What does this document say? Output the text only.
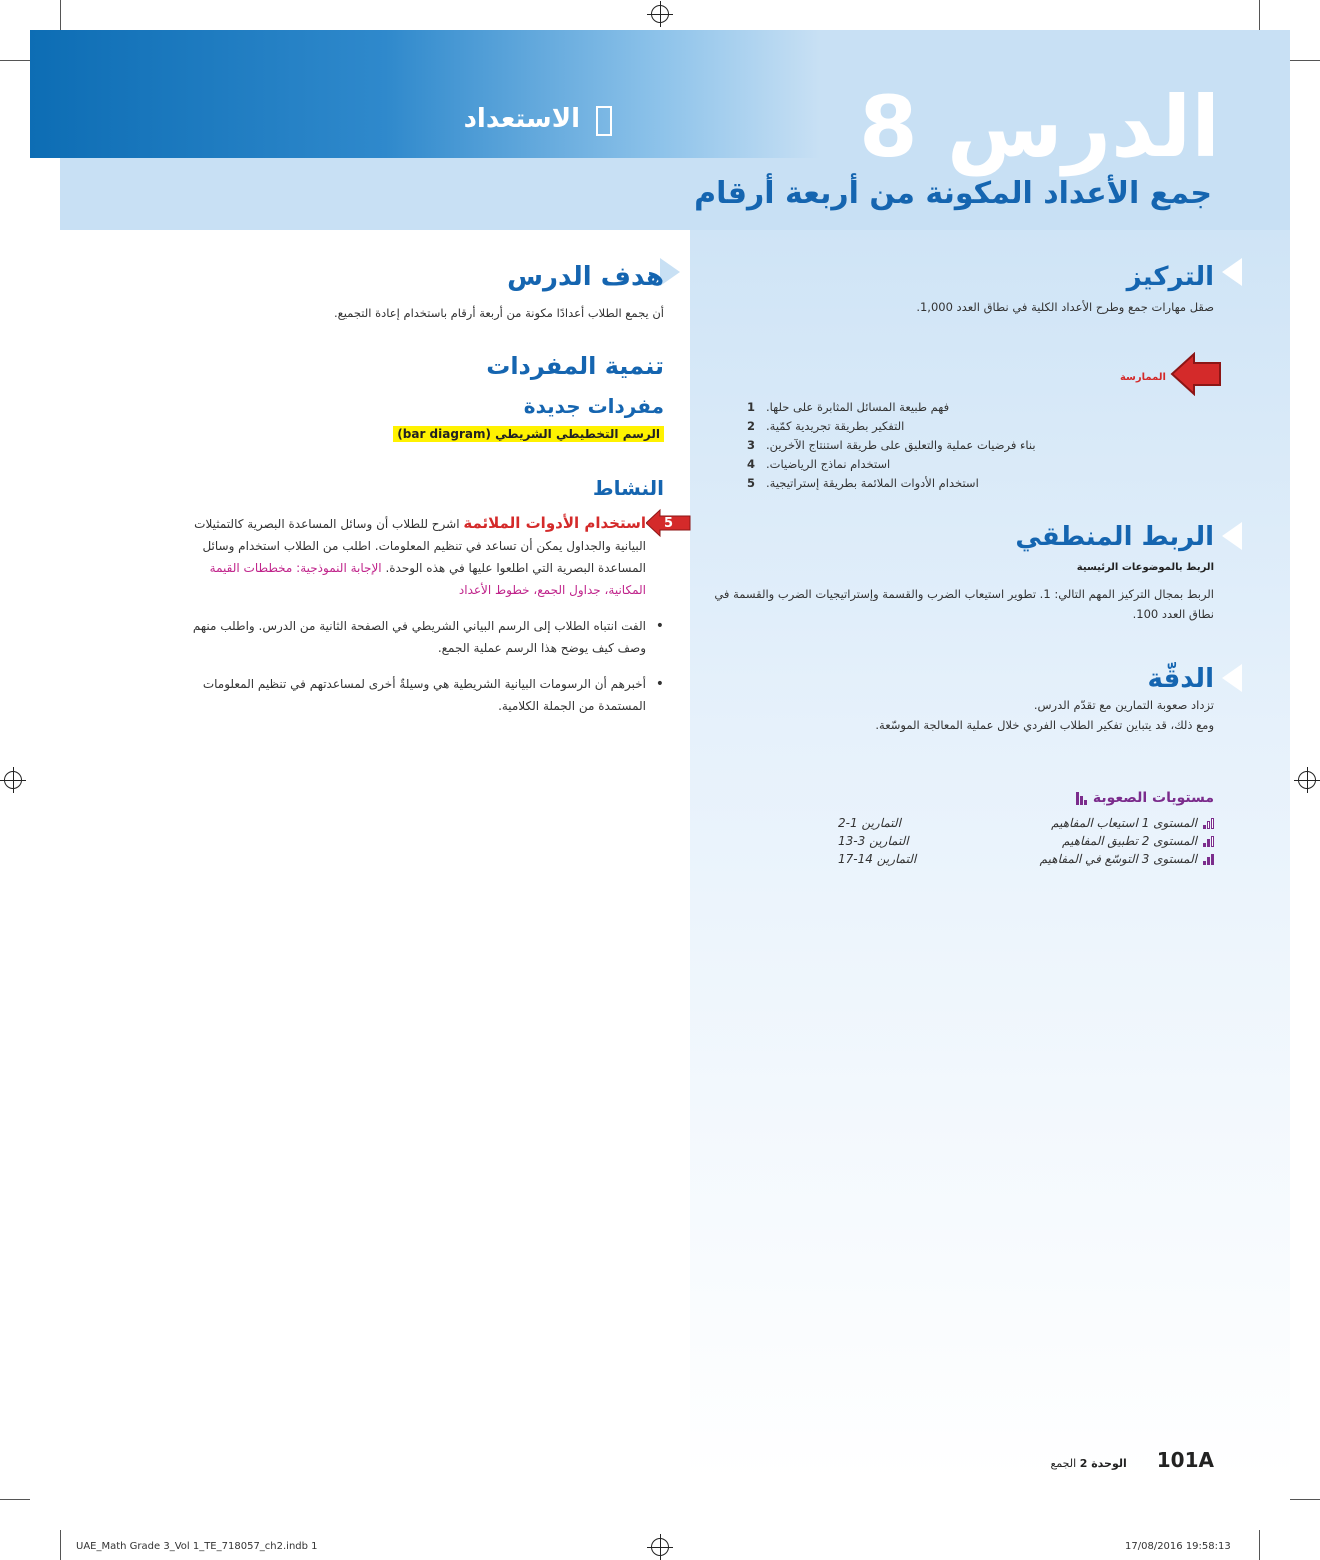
الاستعداد	الدرس 8
جمع الأعداد المكونة من أربعة أرقام
هدف الدرس
أن يجمع الطلاب أعدادًا مكونة من أربعة أرقام باستخدام إعادة التجميع.
تنمية المفردات
مفردات جديدة
الرسم التخطيطي الشريطي (bar diagram)
النشاط
• 5
استخدام الأدوات الملائمة اشرح للطلاب أن وسائل المساعدة البصرية كالتمثيلات البيانية والجداول يمكن أن تساعد في تنظيم المعلومات. اطلب من الطلاب استخدام وسائل المساعدة البصرية التي اطلعوا عليها في هذه الوحدة. الإجابة النموذجية: مخططات القيمة المكانية، جداول الجمع، خطوط الأعداد
• الفت انتباه الطلاب إلى الرسم البياني الشريطي في الصفحة الثانية من الدرس. واطلب منهم وصف كيف يوضح هذا الرسم عملية الجمع.
• أخبرهم أن الرسومات البيانية الشريطية هي وسيلةٌ أخرى لمساعدتهم في تنظيم المعلومات المستمدة من الجملة الكلامية.
التركيز
صقل مهارات جمع وطرح الأعداد الكلية في نطاق العدد 1,000.
الممارسة
1 فهم طبيعة المسائل المثابرة على حلها.
2 التفكير بطريقة تجريدية كمّية.
3 بناء فرضيات عملية والتعليق على طريقة استنتاج الآخرين.
4 استخدام نماذج الرياضيات.
5 استخدام الأدوات الملائمة بطريقة إستراتيجية.
الربط المنطقي
الربط بالموضوعات الرئيسية
الربط بمجال التركيز المهم التالي: 1. تطوير استيعاب الضرب والقسمة وإستراتيجيات الضرب والقسمة في نطاق العدد 100.
الدقّة
تزداد صعوبة التمارين مع تقدّم الدرس.
ومع ذلك، قد يتباين تفكير الطلاب الفردي خلال عملية المعالجة الموسّعة.
مستويات الصعوبة
المستوى 1 استيعاب المفاهيم
التمارين 1-2
المستوى 2 تطبيق المفاهيم
التمارين 3-13
المستوى 3 التوسّع في المفاهيم
التمارين 14-17
101A
الوحدة 2 الجمع
UAE_Math Grade 3_Vol 1_TE_718057_ch2.indb 1	17/08/2016 19:58:13
